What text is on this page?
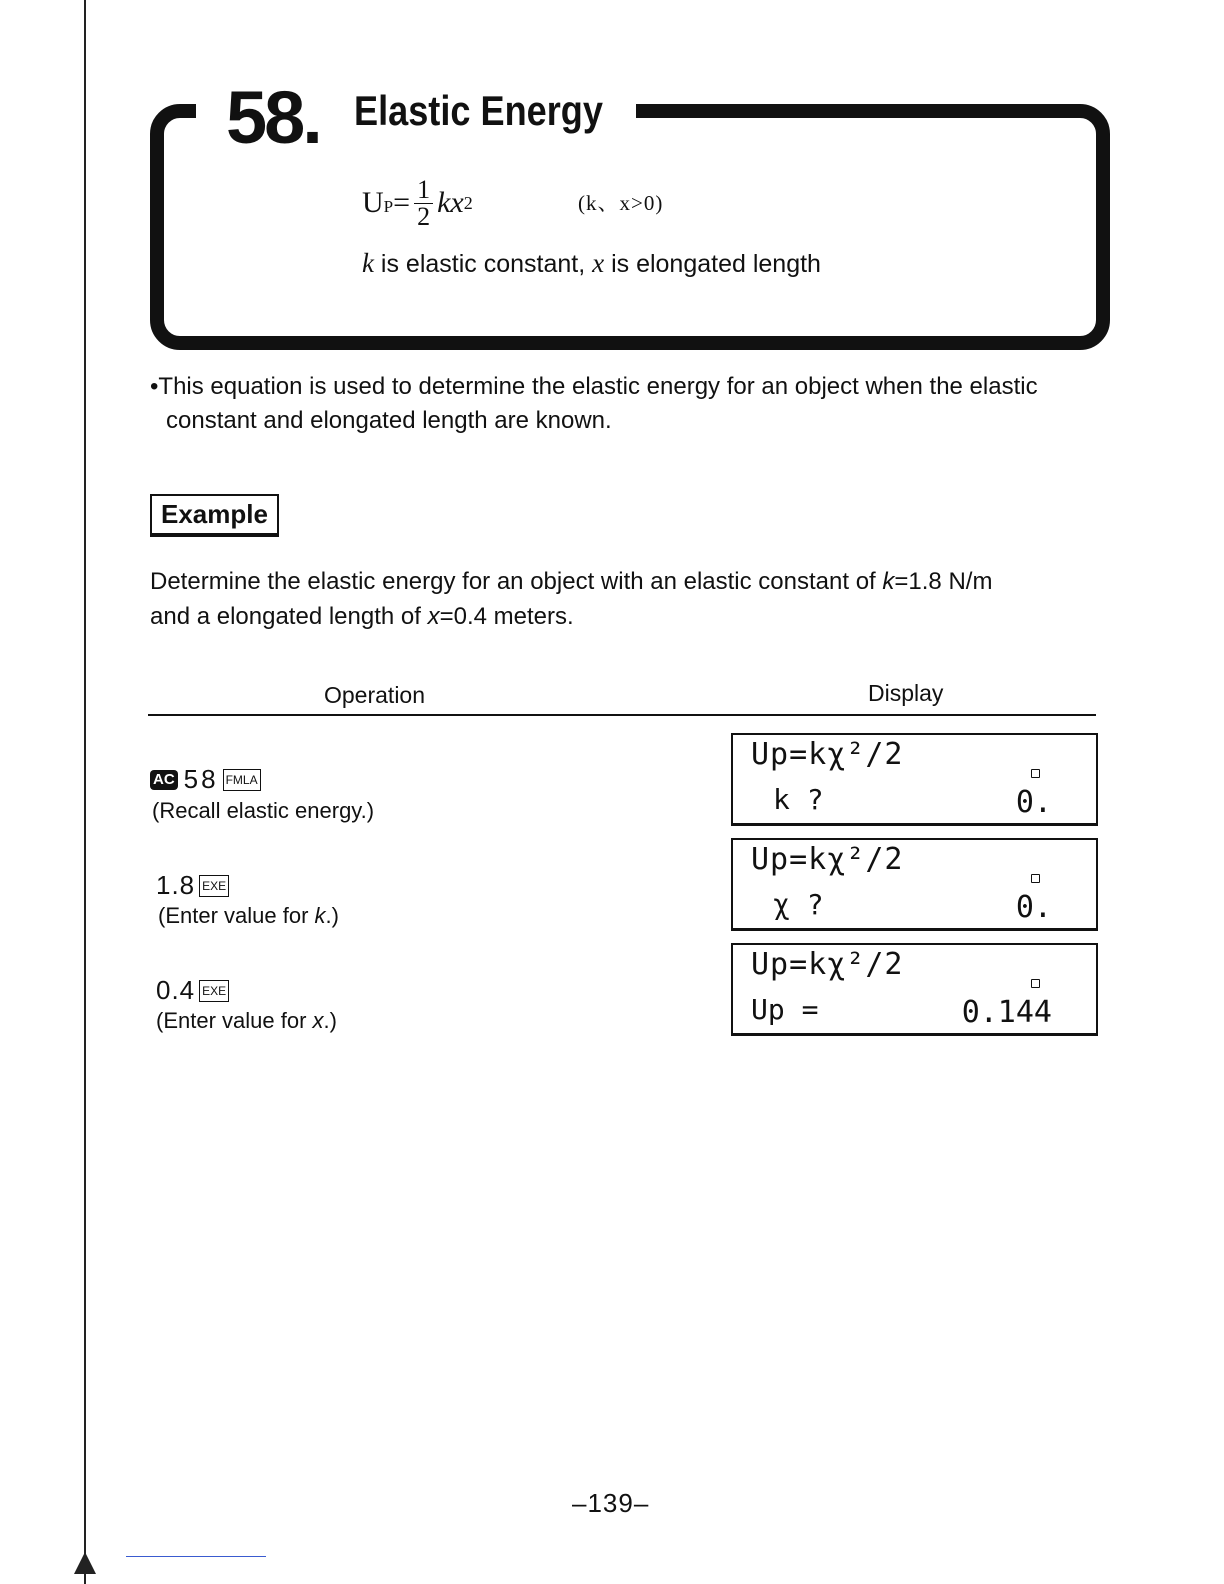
58. Elastic Energy
UP = $\frac{1}{2}$ kx 2	(k、x>0)
k is elastic constant, x is elongated length
•This equation is used to determine the elastic energy for an object when the elastic
constant and elongated length are known.
Example
Determine the elastic energy for an object with an elastic constant of k=1.8 N/m
and a elongated length of x=0.4 meters.
Operation	Display
AC 58 FMLA
(Recall elastic energy.)
Up=kχ²/2
k ?	0.
1.8 EXE
(Enter value for k.)
Up=kχ²/2
χ ?	0.
0.4 EXE
(Enter value for x.)
Up=kχ²/2
Up =	0.144
–139–
